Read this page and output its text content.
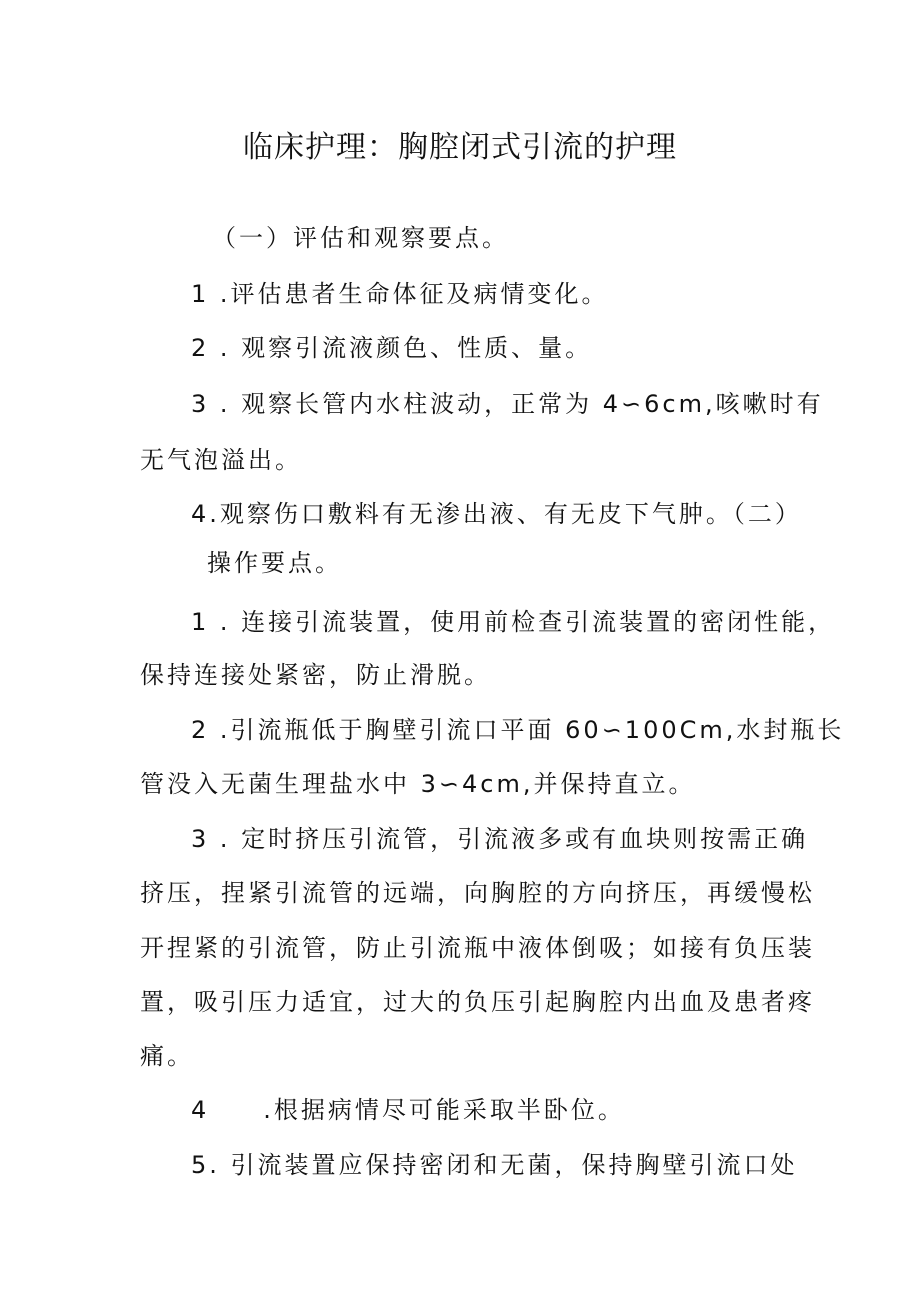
临床护理：胸腔闭式引流的护理

（一）评估和观察要点。

1 .评估患者生命体征及病情变化。

2 . 观察引流液颜色、性质、量。

3 . 观察长管内水柱波动，正常为 4∽6cm,咳嗽时有

无气泡溢出。

4.观察伤口敷料有无渗出液、有无皮下气肿。（二）

操作要点。

1 . 连接引流装置，使用前检查引流装置的密闭性能，

保持连接处紧密，防止滑脱。

2 .引流瓶低于胸壁引流口平面 60∽100Cm,水封瓶长

管没入无菌生理盐水中 3∽4cm,并保持直立。

3 . 定时挤压引流管，引流液多或有血块则按需正确

挤压，捏紧引流管的远端，向胸腔的方向挤压，再缓慢松

开捏紧的引流管，防止引流瓶中液体倒吸；如接有负压装

置，吸引压力适宜，过大的负压引起胸腔内出血及患者疼

痛。

4　　.根据病情尽可能采取半卧位。

5. 引流装置应保持密闭和无菌，保持胸壁引流口处
